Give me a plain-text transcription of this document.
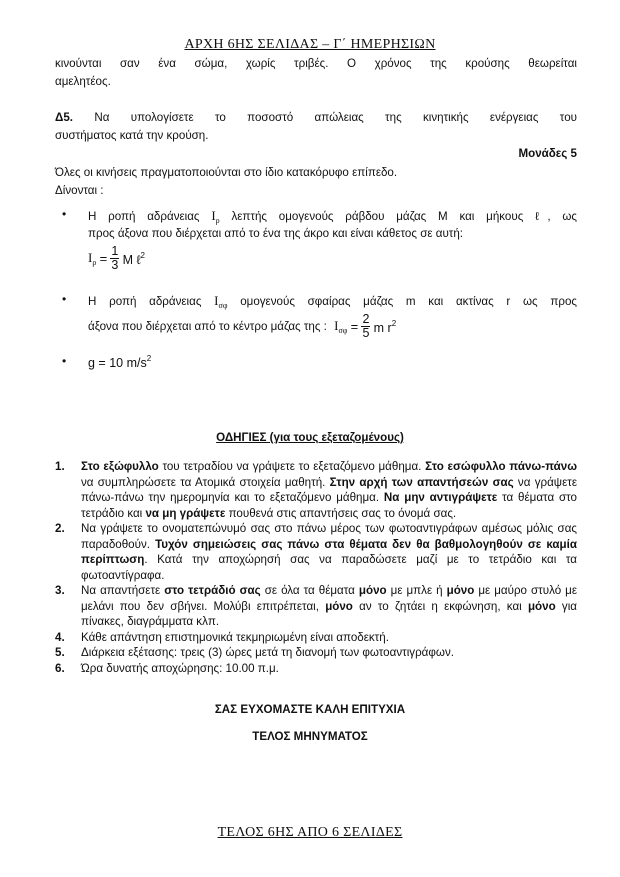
ΑΡΧΗ 6ΗΣ ΣΕΛΙΔΑΣ – Γ΄ ΗΜΕΡΗΣΙΩΝ
κινούνται σαν ένα σώμα, χωρίς τριβές. Ο χρόνος της κρούσης θεωρείται
αμελητέος.
Δ5. Να υπολογίσετε το ποσοστό απώλειας της κινητικής ενέργειας του
συστήματος κατά την κρούση.
Μονάδες 5
Όλες οι κινήσεις πραγματοποιούνται στο ίδιο κατακόρυφο επίπεδο.
Δίνονται :
• Η ροπή αδράνειας $I_\rho$ λεπτής ομογενούς ράβδου μάζας M και μήκους ℓ, ως
προς άξονα που διέρχεται από το ένα της άκρο και είναι κάθετος σε αυτή:
$I_\rho = \frac{1}{3}$ M ℓ$^2$
• Η ροπή αδράνειας $I_{\sigma\varphi}$ ομογενούς σφαίρας μάζας m και ακτίνας r ως προς
άξονα που διέρχεται από το κέντρο μάζας της : $I_{\sigma\varphi} = \frac{2}{5}$ m $r^2$
• g = 10 $m/s^2$
ΟΔΗΓΙΕΣ (για τους εξεταζομένους)
1.	Στο εξώφυλλο του τετραδίου να γράψετε το εξεταζόμενο μάθημα. Στο εσώφυλλο πάνω-πάνω να συμπληρώσετε τα Ατομικά στοιχεία μαθητή. Στην αρχή των απαντήσεών σας να γράψετε πάνω-πάνω την ημερομηνία και το εξεταζόμενο μάθημα. Να μην αντιγράψετε τα θέματα στο τετράδιο και να μη γράψετε πουθενά στις απαντήσεις σας το όνομά σας.
2.	Να γράψετε το ονοματεπώνυμό σας στο πάνω μέρος των φωτοαντιγράφων αμέσως μόλις σας παραδοθούν. Τυχόν σημειώσεις σας πάνω στα θέματα δεν θα βαθμολογηθούν σε καμία περίπτωση. Κατά την αποχώρησή σας να παραδώσετε μαζί με το τετράδιο και τα φωτοαντίγραφα.
3.	Να απαντήσετε στο τετράδιό σας σε όλα τα θέματα μόνο με μπλε ή μόνο με μαύρο στυλό με μελάνι που δεν σβήνει. Μολύβι επιτρέπεται, μόνο αν το ζητάει η εκφώνηση, και μόνο για πίνακες, διαγράμματα κλπ.
4.	Κάθε απάντηση επιστημονικά τεκμηριωμένη είναι αποδεκτή.
5.	Διάρκεια εξέτασης: τρεις (3) ώρες μετά τη διανομή των φωτοαντιγράφων.
6.	Ώρα δυνατής αποχώρησης: 10.00 π.μ.
ΣΑΣ ΕΥΧΟΜΑΣΤΕ ΚΑΛΗ ΕΠΙΤΥΧΙΑ
ΤΕΛΟΣ ΜΗΝΥΜΑΤΟΣ
ΤΕΛΟΣ 6ΗΣ ΑΠΟ 6 ΣΕΛΙΔΕΣ
